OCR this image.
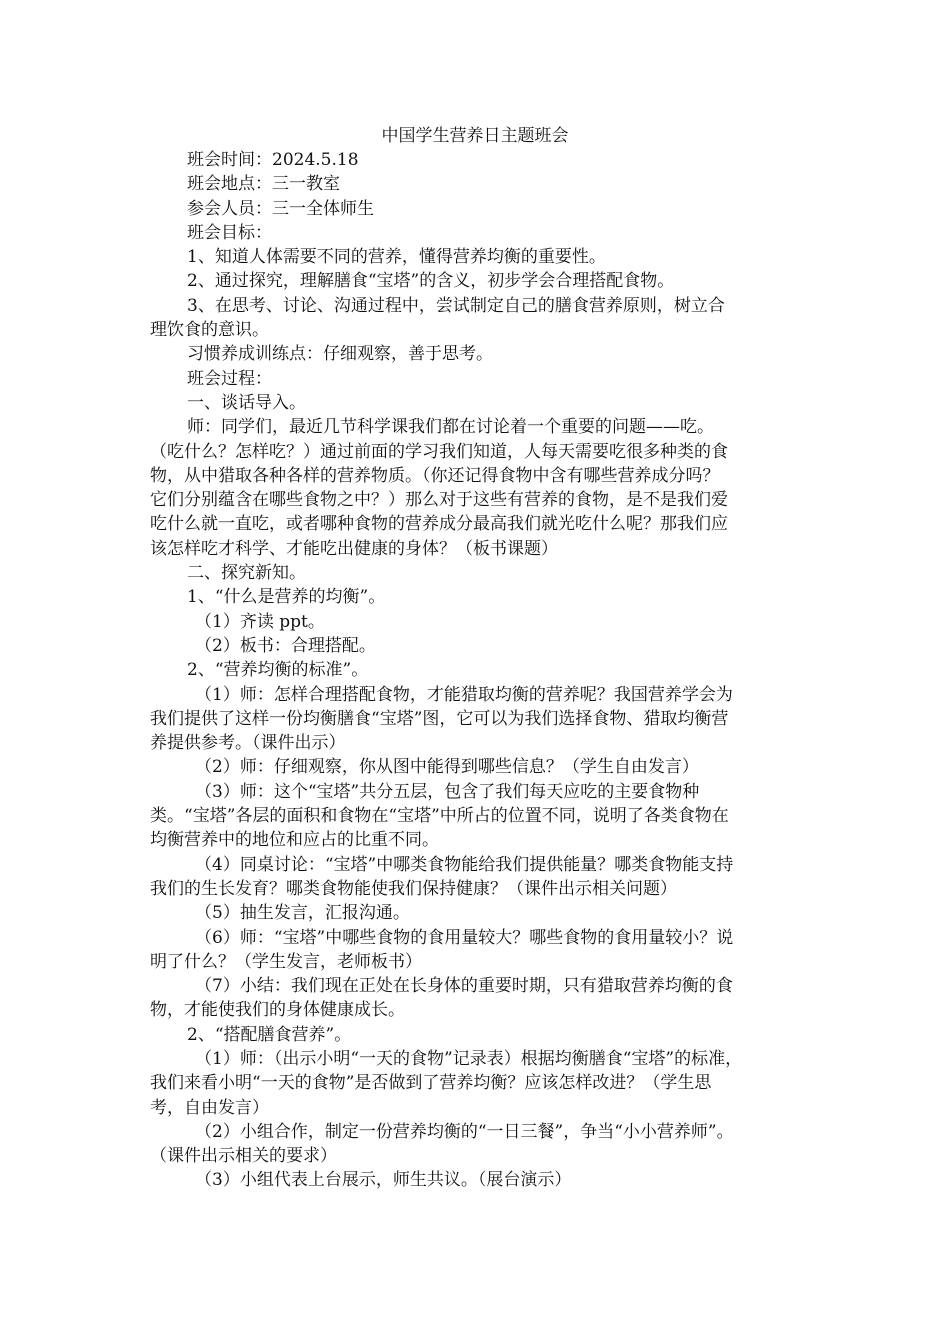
中国学生营养日主题班会
班会时间：2024.5.18
班会地点：三一教室
参会人员：三一全体师生
班会目标：
1、知道人体需要不同的营养，懂得营养均衡的重要性。
2、通过探究，理解膳食“宝塔”的含义，初步学会合理搭配食物。
3、在思考、讨论、沟通过程中，尝试制定自己的膳食营养原则，树立合
理饮食的意识。
习惯养成训练点：仔细观察，善于思考。
班会过程：
一、谈话导入。
师：同学们，最近几节科学课我们都在讨论着一个重要的问题——吃。
（吃什么？怎样吃？）通过前面的学习我们知道，人每天需要吃很多种类的食
物，从中猎取各种各样的营养物质。（你还记得食物中含有哪些营养成分吗？
它们分别蕴含在哪些食物之中？）那么对于这些有营养的食物，是不是我们爱
吃什么就一直吃，或者哪种食物的营养成分最高我们就光吃什么呢？那我们应
该怎样吃才科学、才能吃出健康的身体？（板书课题）
二、探究新知。
1、“什么是营养的均衡”。
（1）齐读 ppt。
（2）板书：合理搭配。
2、“营养均衡的标准”。
（1）师：怎样合理搭配食物，才能猎取均衡的营养呢？我国营养学会为
我们提供了这样一份均衡膳食“宝塔”图，它可以为我们选择食物、猎取均衡营
养提供参考。（课件出示）
（2）师：仔细观察，你从图中能得到哪些信息？（学生自由发言）
（3）师：这个“宝塔”共分五层，包含了我们每天应吃的主要食物种
类。“宝塔”各层的面积和食物在“宝塔”中所占的位置不同，说明了各类食物在
均衡营养中的地位和应占的比重不同。
（4）同桌讨论：“宝塔”中哪类食物能给我们提供能量？哪类食物能支持
我们的生长发育？哪类食物能使我们保持健康？（课件出示相关问题）
（5）抽生发言，汇报沟通。
（6）师：“宝塔”中哪些食物的食用量较大？哪些食物的食用量较小？说
明了什么？（学生发言，老师板书）
（7）小结：我们现在正处在长身体的重要时期，只有猎取营养均衡的食
物，才能使我们的身体健康成长。
2、“搭配膳食营养”。
（1）师：（出示小明“一天的食物”记录表）根据均衡膳食“宝塔”的标准，
我们来看小明“一天的食物”是否做到了营养均衡？应该怎样改进？（学生思
考，自由发言）
（2）小组合作，制定一份营养均衡的“一日三餐”，争当“小小营养师”。
（课件出示相关的要求）
（3）小组代表上台展示，师生共议。（展台演示）
